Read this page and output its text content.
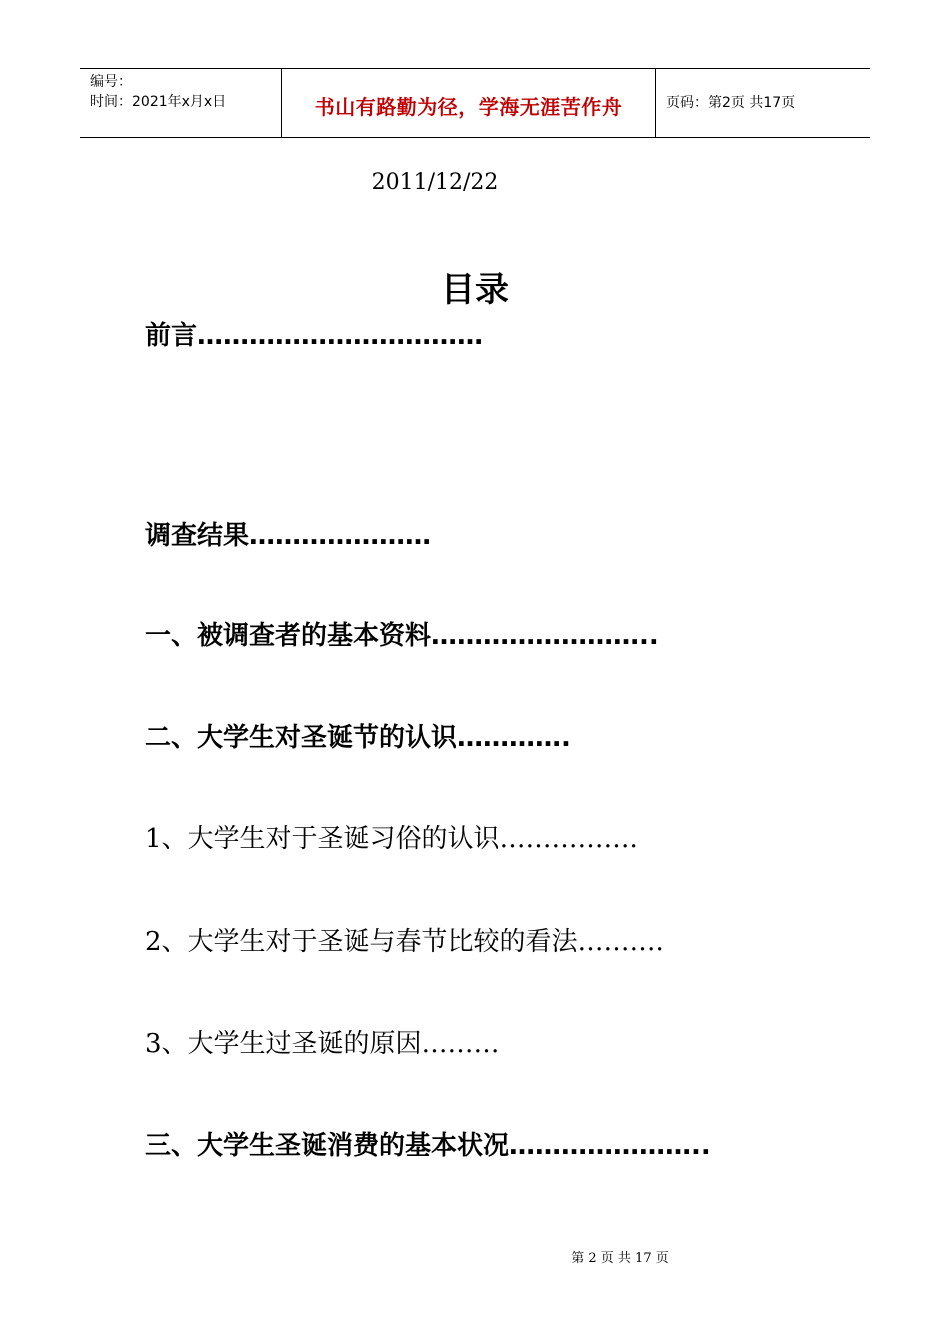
编号：
时间：2021年x月x日	书山有路勤为径，学海无涯苦作舟	页码：第2页 共17页
2011/12/22
目录
前言……………………………
调查结果…………………
一、被调查者的基本资料……………………..
二、大学生对圣诞节的认识………….
1、大学生对于圣诞习俗的认识…………….
2、大学生对于圣诞与春节比较的看法……….
3、大学生过圣诞的原因………
三、大学生圣诞消费的基本状况…………………..
第 2 页 共 17 页
